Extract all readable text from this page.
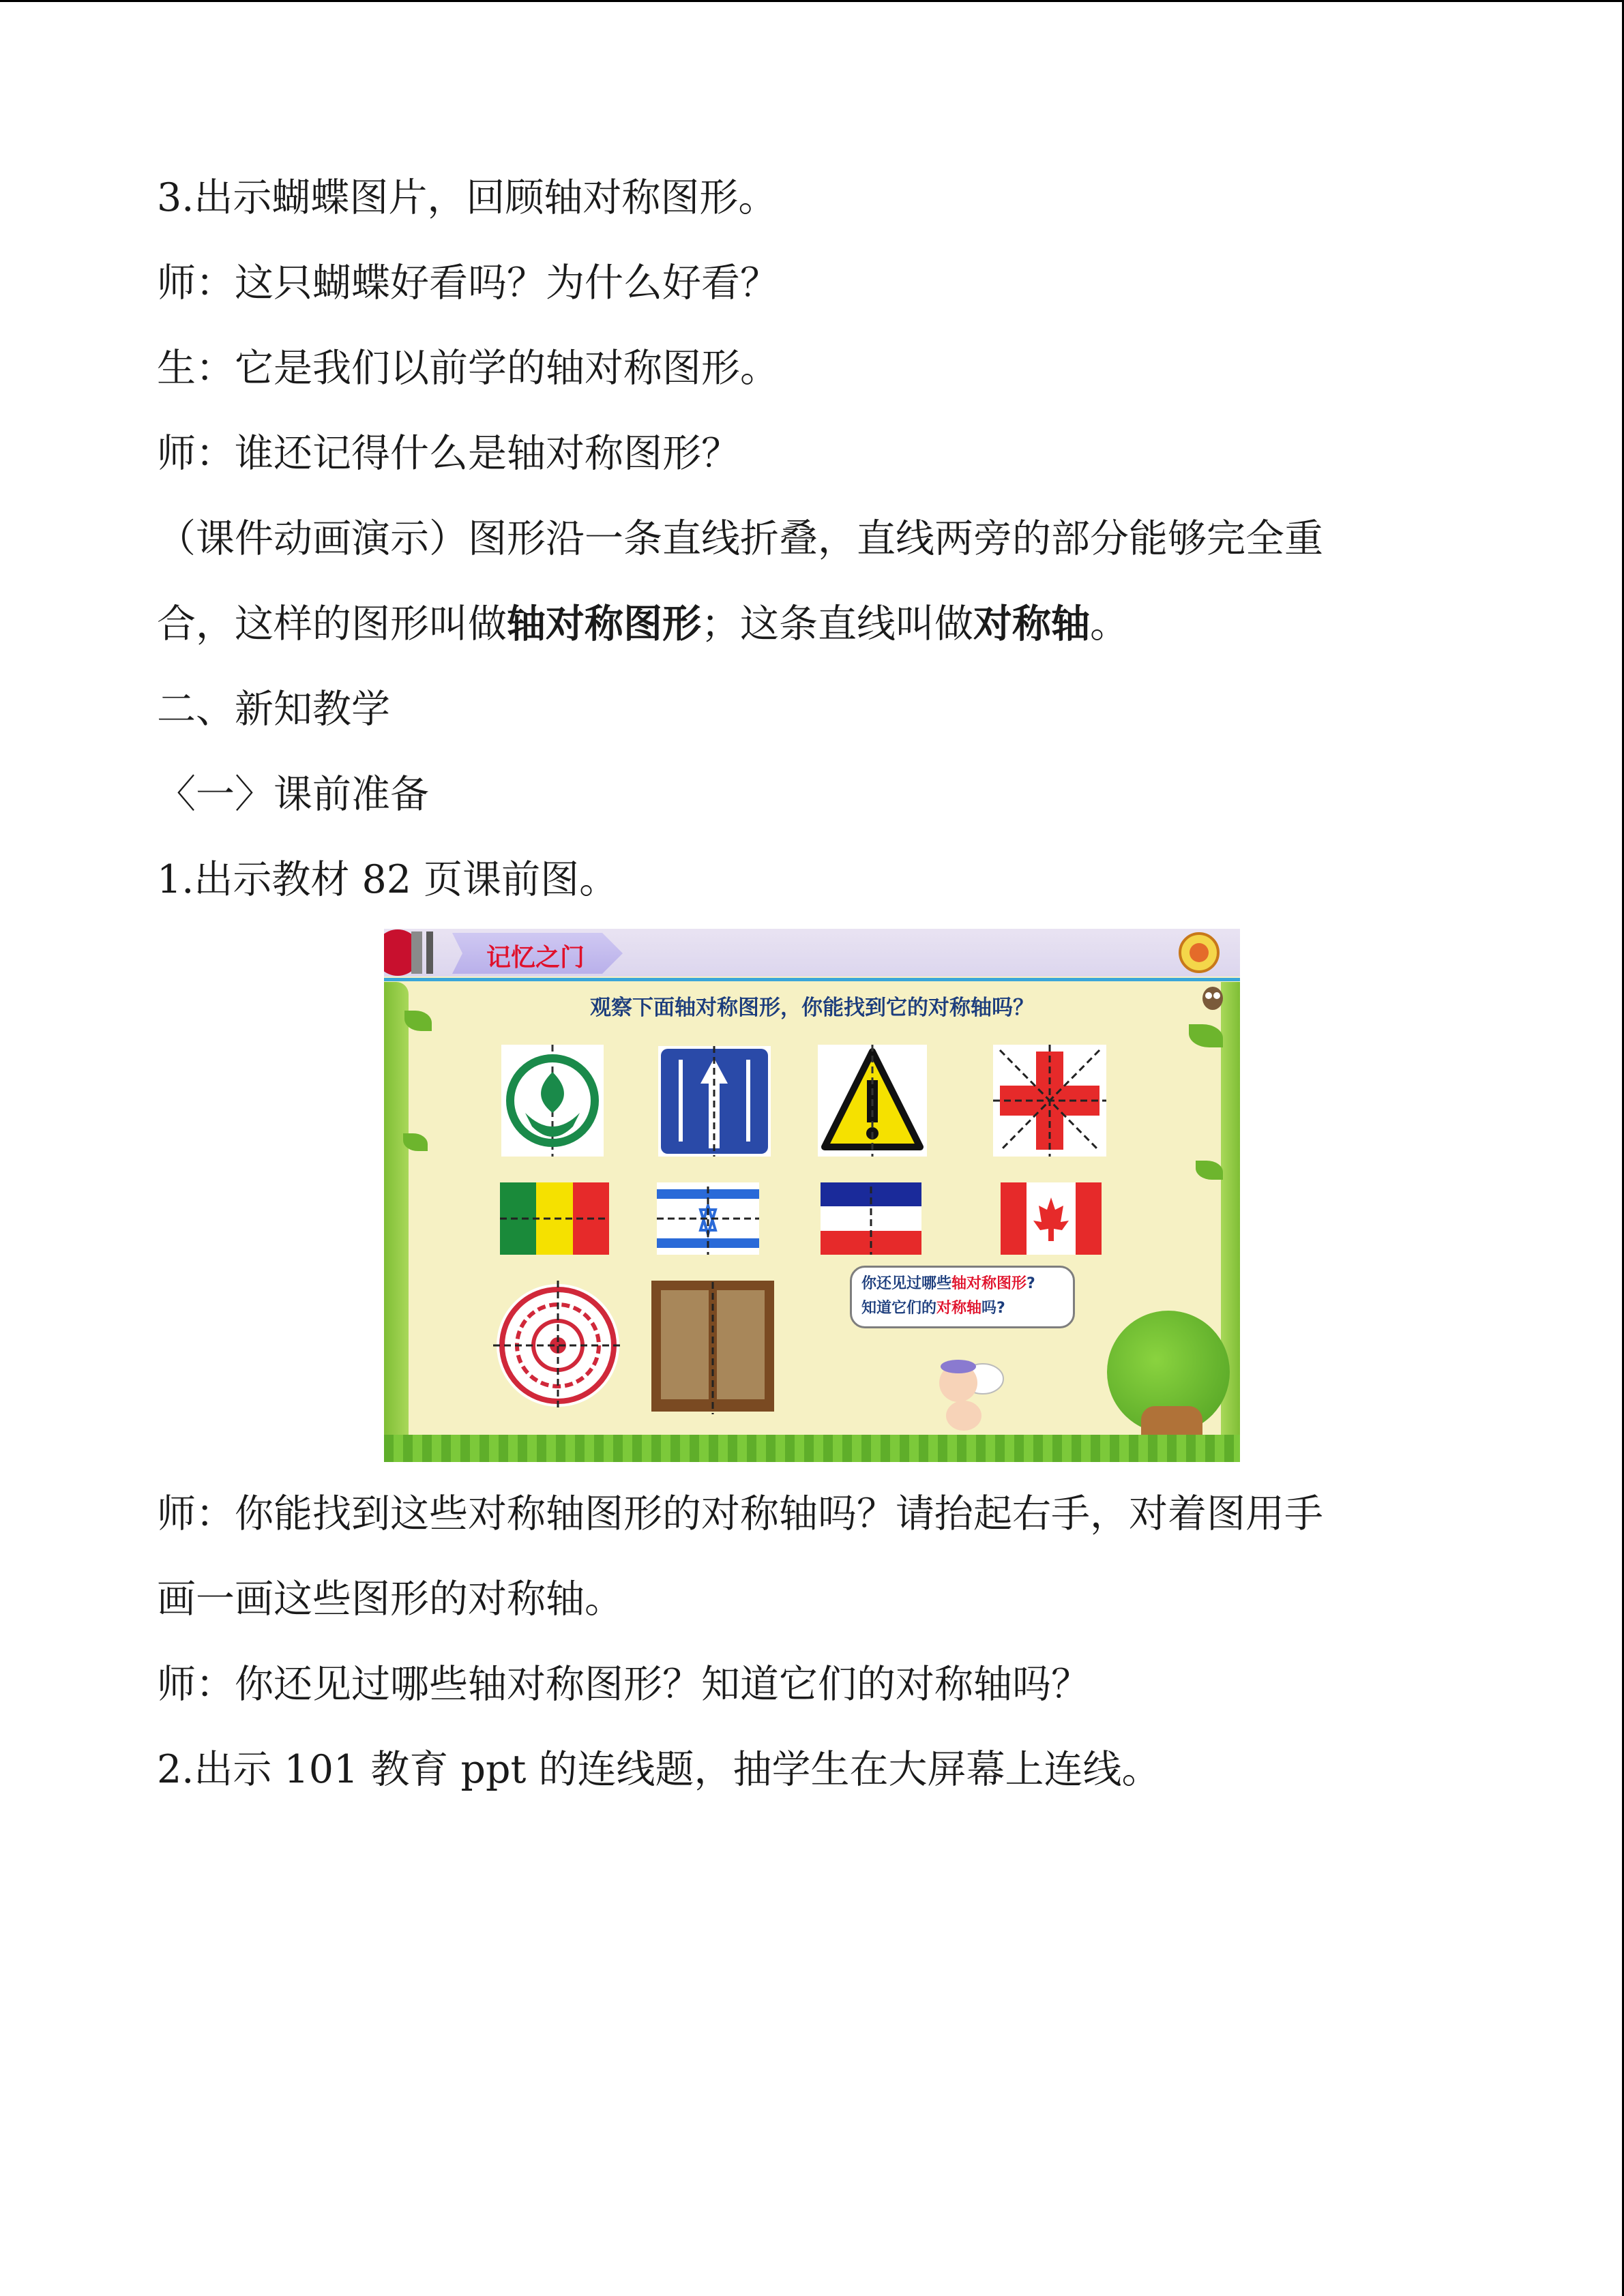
3.出示蝴蝶图片，回顾轴对称图形。
师：这只蝴蝶好看吗？为什么好看？
生：它是我们以前学的轴对称图形。
师：谁还记得什么是轴对称图形？
（课件动画演示）图形沿一条直线折叠，直线两旁的部分能够完全重
合，这样的图形叫做轴对称图形；这条直线叫做对称轴。
二、新知教学
〈一〉课前准备
1.出示教材 82 页课前图。
记忆之门
观察下面轴对称图形，你能找到它的对称轴吗？
你还见过哪些轴对称图形?
知道它们的对称轴吗?
师：你能找到这些对称轴图形的对称轴吗？请抬起右手，对着图用手
画一画这些图形的对称轴。
师：你还见过哪些轴对称图形？知道它们的对称轴吗？
2.出示 101 教育 ppt 的连线题，抽学生在大屏幕上连线。
